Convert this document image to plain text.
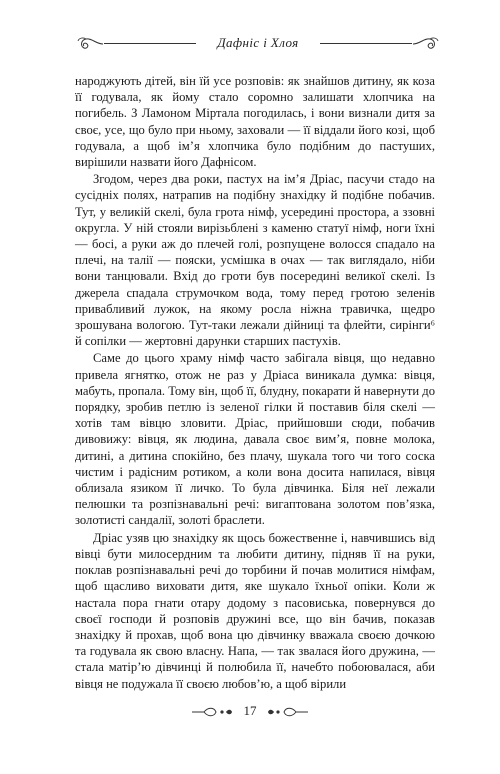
Дафніс і Хлоя

народжують дітей, він їй усе розповів: як знайшов дитину, як коза її годувала, як йому стало соромно залишати хлопчика на погибель. З Ламоном Міртала погодилась, і вони визнали дитя за своє, усе, що було при ньому, заховали — її віддали його козі, щоб годувала, а щоб ім’я хлопчика було подібним до пастуших, вирішили назвати його Дафнісом.

Згодом, через два роки, пастух на ім’я Дріас, пасучи стадо на сусідніх полях, натрапив на подібну знахідку й подібне побачив. Тут, у великій скелі, була грота німф, усередині простора, а ззовні округла. У ній стояли вирізьблені з каменю статуї німф, ноги їхні — босі, а руки аж до плечей голі, розпущене волосся спадало на плечі, на талії — пояски, усмішка в очах — так виглядало, ніби вони танцювали. Вхід до гроти був посередині великої скелі. Із джерела спадала струмочком вода, тому перед гротою зеленів привабливий лужок, на якому росла ніжна травичка, щедро зрошувана вологою. Тут-таки лежали дійниці та флейти, сирінги⁶ й сопілки — жертовні дарунки старших пастухів.

Саме до цього храму німф часто забігала вівця, що недавно привела ягнятко, отож не раз у Дріаса виникала думка: вівця, мабуть, пропала. Тому він, щоб її, блудну, покарати й навернути до порядку, зробив петлю із зеленої гілки й поставив біля скелі — хотів там вівцю зловити. Дріас, прийшовши сюди, побачив дивовижу: вівця, як людина, давала своє вим’я, повне молока, дитині, а дитина спокійно, без плачу, шукала того чи того соска чистим і радісним ротиком, а коли вона досита напилася, вівця облизала язиком її личко. То була дівчинка. Біля неї лежали пелюшки та розпізнавальні речі: вигаптована золотом пов’язка, золотисті сандалії, золоті браслети.

Дріас узяв цю знахідку як щось божественне і, навчившись від вівці бути милосердним та любити дитину, підняв її на руки, поклав розпізнавальні речі до торбини й почав молитися німфам, щоб щасливо виховати дитя, яке шукало їхньої опіки. Коли ж настала пора гнати отару додому з пасовиська, повернувся до своєї господи й розповів дружині все, що він бачив, показав знахідку й прохав, щоб вона цю дівчинку вважала своєю дочкою та годувала як свою власну. Напа, — так звалася його дружина, — стала матір’ю дівчинці й полюбила її, начебто побоювалася, аби вівця не подужала її своєю любов’ю, а щоб вірили

17
